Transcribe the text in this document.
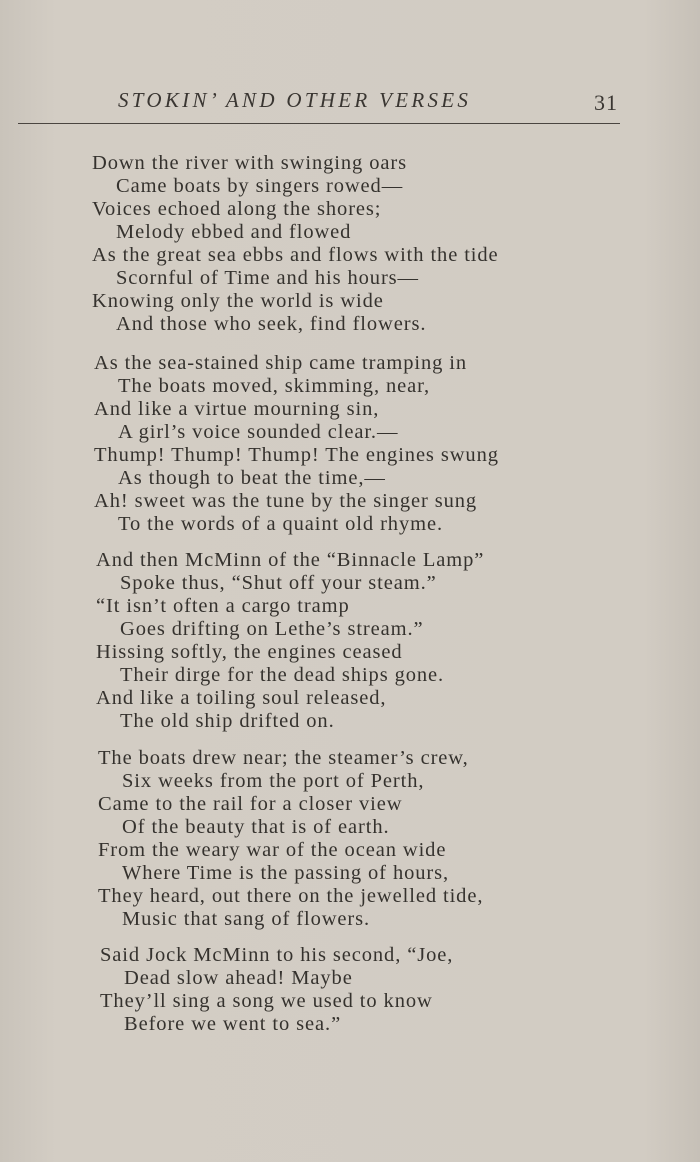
STOKIN’ AND OTHER VERSES	31
Down the river with swinging oars
Came boats by singers rowed—
Voices echoed along the shores;
Melody ebbed and flowed
As the great sea ebbs and flows with the tide
Scornful of Time and his hours—
Knowing only the world is wide
And those who seek, find flowers.
As the sea-stained ship came tramping in
The boats moved, skimming, near,
And like a virtue mourning sin,
A girl’s voice sounded clear.—
Thump! Thump! Thump! The engines swung
As though to beat the time,—
Ah! sweet was the tune by the singer sung
To the words of a quaint old rhyme.
And then McMinn of the “Binnacle Lamp”
Spoke thus, “Shut off your steam.”
“It isn’t often a cargo tramp
Goes drifting on Lethe’s stream.”
Hissing softly, the engines ceased
Their dirge for the dead ships gone.
And like a toiling soul released,
The old ship drifted on.
The boats drew near; the steamer’s crew,
Six weeks from the port of Perth,
Came to the rail for a closer view
Of the beauty that is of earth.
From the weary war of the ocean wide
Where Time is the passing of hours,
They heard, out there on the jewelled tide,
Music that sang of flowers.
Said Jock McMinn to his second, “Joe,
Dead slow ahead! Maybe
They’ll sing a song we used to know
Before we went to sea.”
